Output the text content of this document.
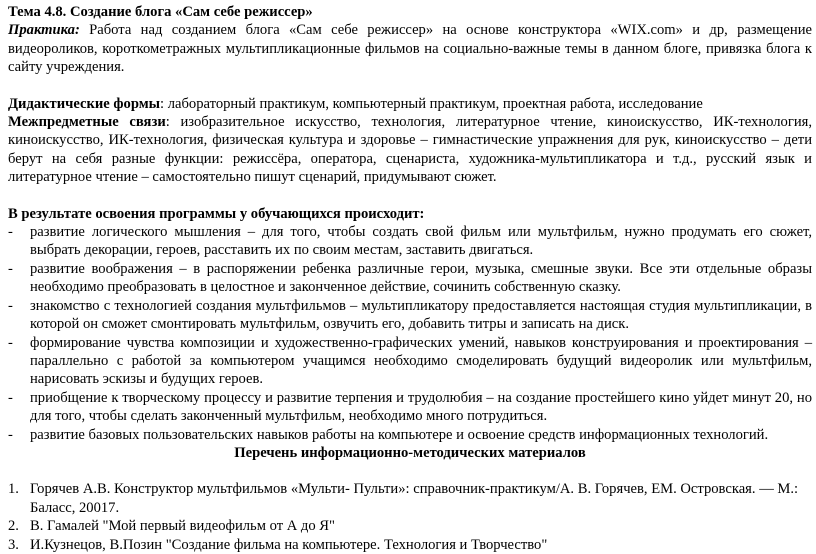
Тема 4.8. Создание блога «Сам себе режиссер»

Практика: Работа над созданием блога «Сам себе режиссер» на основе конструктора «WIX.com» и др, размещение видеороликов, короткометражных мультипликационные фильмов на социально-важные темы в данном блоге, привязка блога к сайту учреждения.

Дидактические формы: лабораторный практикум, компьютерный практикум, проектная работа, исследование

Межпредметные связи: изобразительное искусство, технология, литературное чтение, киноискусство, ИК-технология, киноискусство, ИК-технология, физическая культура и здоровье – гимнастические упражнения для рук, киноискусство – дети берут на себя разные функции: режиссёра, оператора, сценариста, художника-мультипликатора и т.д., русский язык и литературное чтение – самостоятельно пишут сценарий, придумывают сюжет.

В результате освоения программы у обучающихся происходит:

- развитие логического мышления – для того, чтобы создать свой фильм или мультфильм, нужно продумать его сюжет, выбрать декорации, героев, расставить их по своим местам, заставить двигаться.
- развитие воображения – в распоряжении ребенка различные герои, музыка, смешные звуки. Все эти отдельные образы необходимо преобразовать в целостное и законченное действие, сочинить собственную сказку.
- знакомство с технологией создания мультфильмов – мультипликатору предоставляется настоящая студия мультипликации, в которой он сможет смонтировать мультфильм, озвучить его, добавить титры и записать на диск.
- формирование чувства композиции и художественно-графических умений, навыков конструирования и проектирования – параллельно с работой за компьютером учащимся необходимо смоделировать будущий видеоролик или мультфильм, нарисовать эскизы и будущих героев.
- приобщение к творческому процессу и развитие терпения и трудолюбия – на создание простейшего кино уйдет минут 20, но для того, чтобы сделать законченный мультфильм, необходимо много потрудиться.
- развитие базовых пользовательских навыков работы на компьютере и освоение средств информационных технологий.

Перечень информационно-методических материалов

1. Горячев А.В. Конструктор мультфильмов «Мульти- Пульти»: справочник-практикум/А. В. Горячев, ЕМ. Островская. — М.: Баласс, 20017.
2. В. Гамалей "Мой первый видеофильм от А до Я"
3. И.Кузнецов, В.Позин "Создание фильма на компьютере. Технология и Творчество"
